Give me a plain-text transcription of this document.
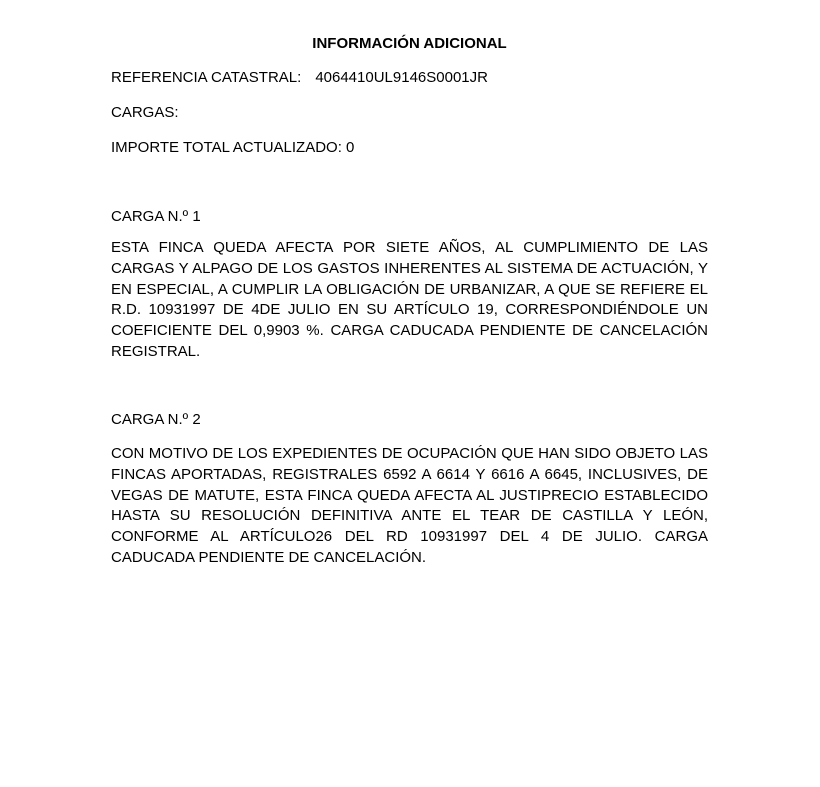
INFORMACIÓN ADICIONAL

REFERENCIA CATASTRAL: 4064410UL9146S0001JR

CARGAS:

IMPORTE TOTAL ACTUALIZADO: 0

CARGA N.º 1

ESTA FINCA QUEDA AFECTA POR SIETE AÑOS, AL CUMPLIMIENTO DE LAS CARGAS Y ALPAGO DE LOS GASTOS INHERENTES AL SISTEMA DE ACTUACIÓN, Y EN ESPECIAL, A CUMPLIR LA OBLIGACIÓN DE URBANIZAR, A QUE SE REFIERE EL R.D. 10931997 DE 4DE JULIO EN SU ARTÍCULO 19, CORRESPONDIÉNDOLE UN COEFICIENTE DEL 0,9903 %. CARGA CADUCADA PENDIENTE DE CANCELACIÓN REGISTRAL.

CARGA N.º 2

CON MOTIVO DE LOS EXPEDIENTES DE OCUPACIÓN QUE HAN SIDO OBJETO LAS FINCAS APORTADAS, REGISTRALES 6592 A 6614 Y 6616 A 6645, INCLUSIVES, DE VEGAS DE MATUTE, ESTA FINCA QUEDA AFECTA AL JUSTIPRECIO ESTABLECIDO HASTA SU RESOLUCIÓN DEFINITIVA ANTE EL TEAR DE CASTILLA Y LEÓN, CONFORME AL ARTÍCULO26 DEL RD 10931997 DEL 4 DE JULIO. CARGA CADUCADA PENDIENTE DE CANCELACIÓN.
